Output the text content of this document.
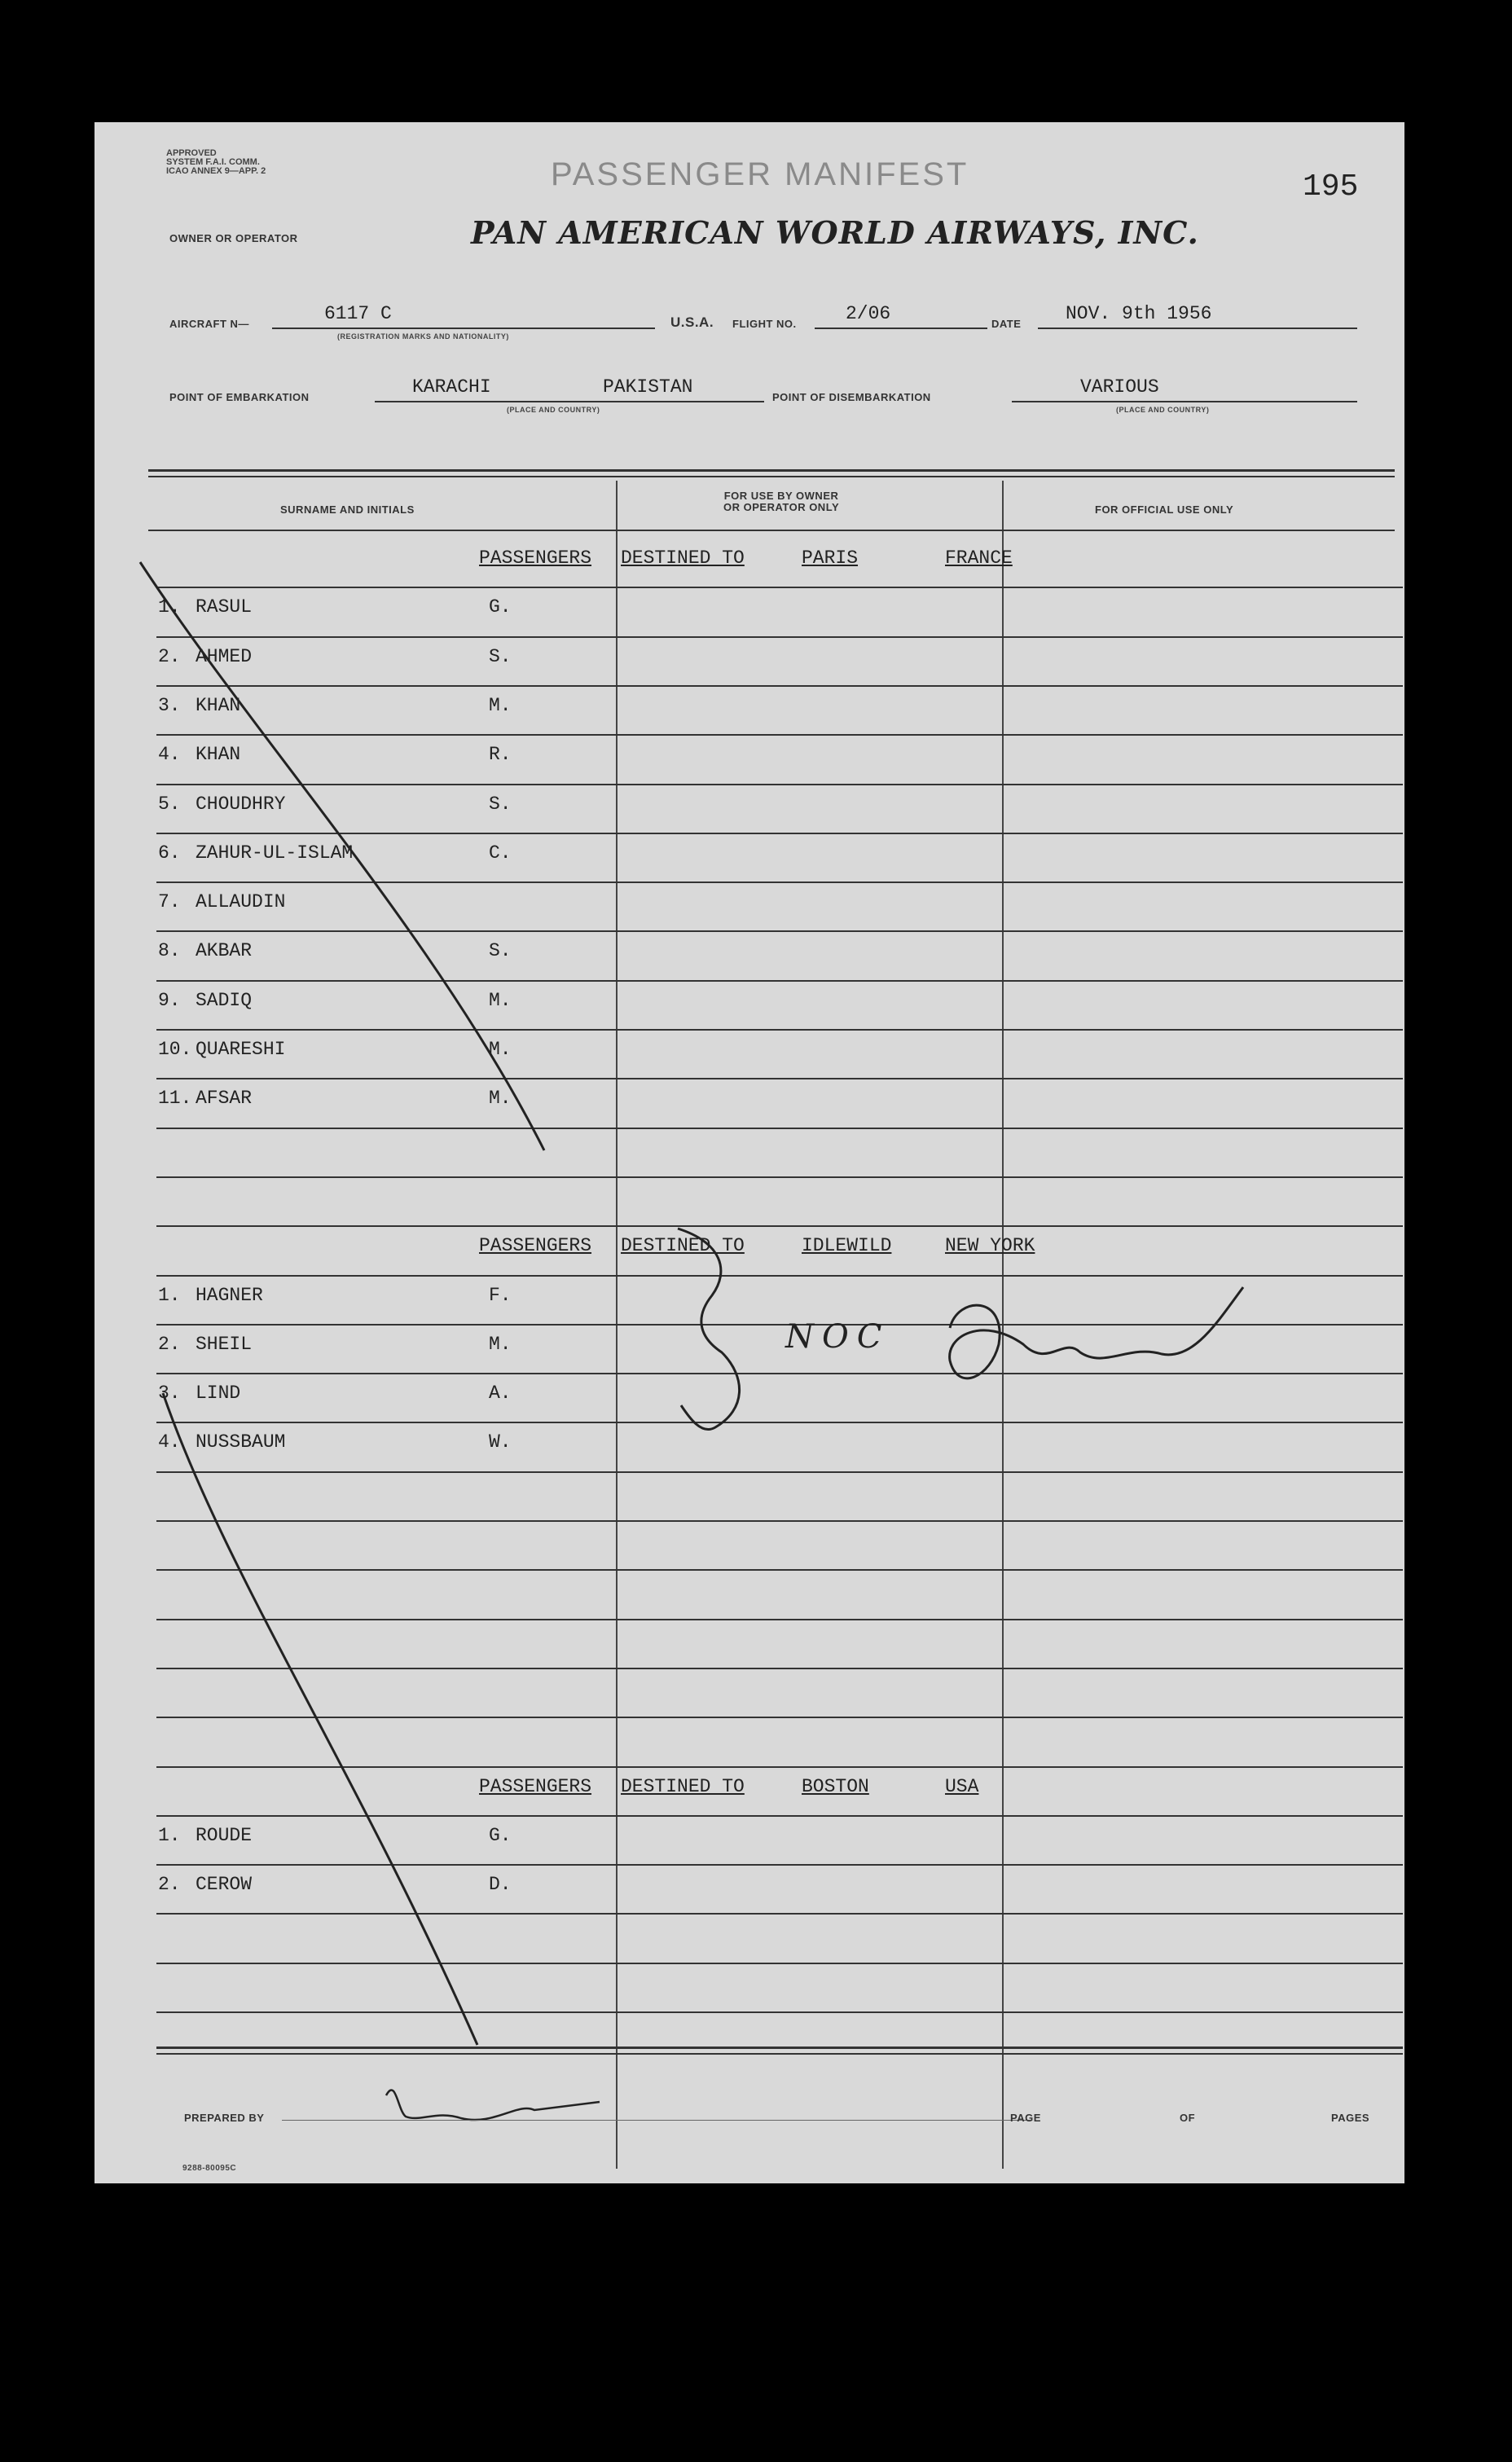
APPROVED
SYSTEM F.A.I. COMM.
ICAO ANNEX 9—APP. 2	PASSENGER MANIFEST	195
OWNER OR OPERATOR	PAN AMERICAN WORLD AIRWAYS, INC.
AIRCRAFT N—	6117 C
(REGISTRATION MARKS AND NATIONALITY)
U.S.A. FLIGHT NO.	2/06	DATE NOV. 9th 1956
POINT OF EMBARKATION	KARACHI	PAKISTAN
(PLACE AND COUNTRY)
POINT OF DISEMBARKATION	VARIOUS
(PLACE AND COUNTRY)
SURNAME AND INITIALS
FOR USE BY OWNER
OR OPERATOR ONLY	FOR OFFICIAL USE ONLY
PASSENGERS DESTINED TO	PARIS	FRANCE
1. RASUL	G.
2. AHMED	S.
3. KHAN	M.
4. KHAN	R.
5. CHOUDHRY	S.
6. ZAHUR-UL-ISLAM	C.
7. ALLAUDIN
8. AKBAR	S.
9. SADIQ	M.
10. QUARESHI	M.
11. AFSAR	M.
PASSENGERS DESTINED TO	IDLEWILD	NEW YORK
1. HAGNER	F.
2. SHEIL	M.
3. LIND	A.
4. NUSSBAUM	W.
PASSENGERS DESTINED TO	BOSTON	USA
1. ROUDE	G.
2. CEROW	D.
NOC
PREPARED BY	PAGE	OF	PAGES
9288-80095C
